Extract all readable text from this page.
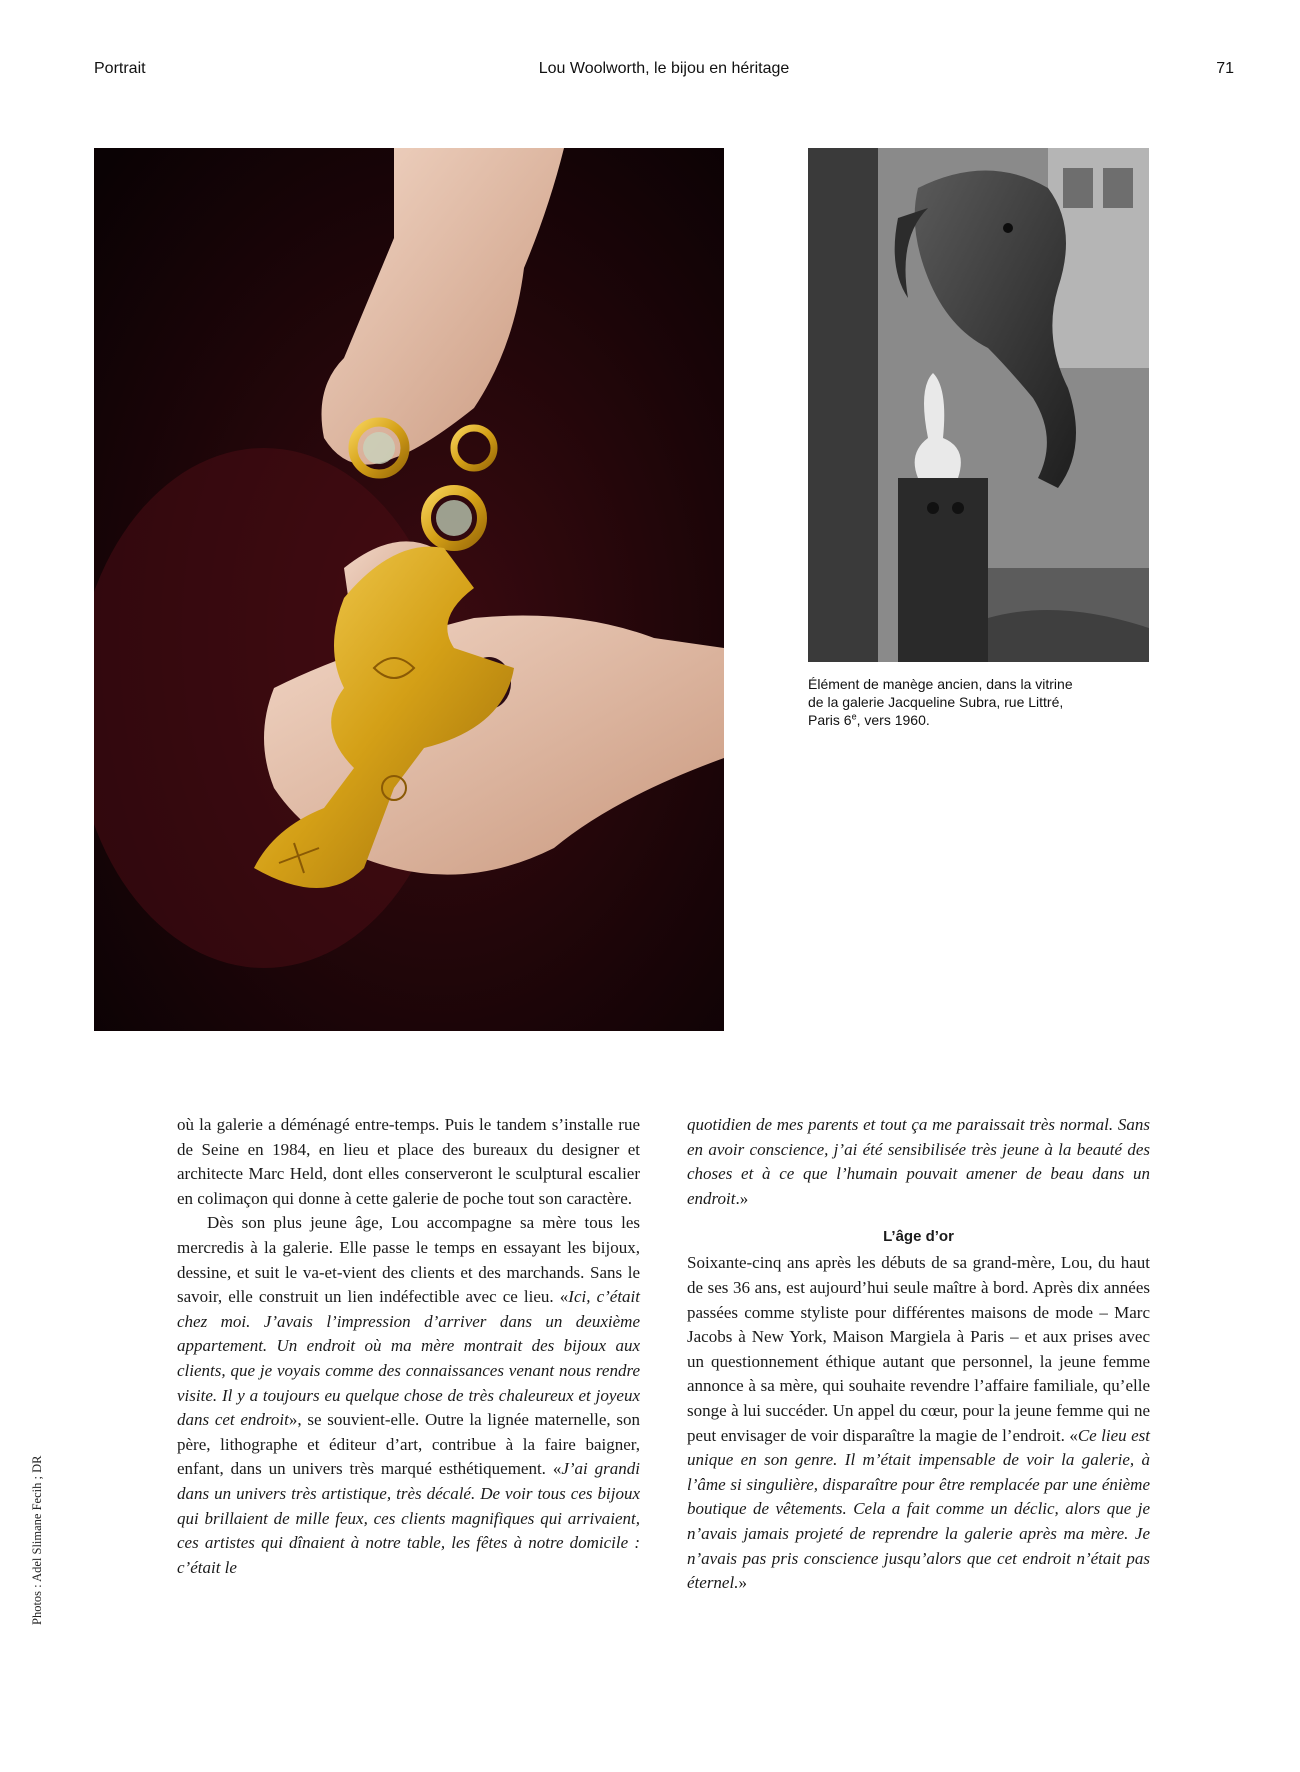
Portrait	Lou Woolworth, le bijou en héritage	71

Élément de manège ancien, dans la vitrine

de la galerie Jacqueline Subra, rue Littré,

Paris 6e, vers 1960.

Photos : Adel Slimane Fecih ; DR

où la galerie a déménagé entre-temps. Puis le tandem s’installe rue de Seine en 1984, en lieu et place des bureaux du designer et architecte Marc Held, dont elles conserveront le sculptural escalier en colimaçon qui donne à cette galerie de poche tout son caractère.

Dès son plus jeune âge, Lou accompagne sa mère tous les mercredis à la galerie. Elle passe le temps en essayant les bijoux, dessine, et suit le va-et-vient des clients et des marchands. Sans le savoir, elle construit un lien indéfectible avec ce lieu. «Ici, c’était chez moi. J’avais l’impression d’arriver dans un deuxième appartement. Un endroit où ma mère montrait des bijoux aux clients, que je voyais comme des connaissances venant nous rendre visite. Il y a toujours eu quelque chose de très chaleureux et joyeux dans cet endroit», se souvient-elle. Outre la lignée maternelle, son père, lithographe et éditeur d’art, contribue à la faire baigner, enfant, dans un univers très marqué esthétiquement. «J’ai grandi dans un univers très artistique, très décalé. De voir tous ces bijoux qui brillaient de mille feux, ces clients magnifiques qui arrivaient, ces artistes qui dînaient à notre table, les fêtes à notre domicile : c’était le

quotidien de mes parents et tout ça me paraissait très normal. Sans en avoir conscience, j’ai été sensibilisée très jeune à la beauté des choses et à ce que l’humain pouvait amener de beau dans un endroit.»

L’âge d’or

Soixante-cinq ans après les débuts de sa grand-mère, Lou, du haut de ses 36 ans, est aujourd’hui seule maître à bord. Après dix années passées comme styliste pour différentes maisons de mode – Marc Jacobs à New York, Maison Margiela à Paris – et aux prises avec un questionnement éthique autant que personnel, la jeune femme annonce à sa mère, qui souhaite revendre l’affaire familiale, qu’elle songe à lui succéder. Un appel du cœur, pour la jeune femme qui ne peut envisager de voir disparaître la magie de l’endroit. «Ce lieu est unique en son genre. Il m’était impensable de voir la galerie, à l’âme si singulière, disparaître pour être remplacée par une énième boutique de vêtements. Cela a fait comme un déclic, alors que je n’avais jamais projeté de reprendre la galerie après ma mère. Je n’avais pas pris conscience jusqu’alors que cet endroit n’était pas éternel.»
